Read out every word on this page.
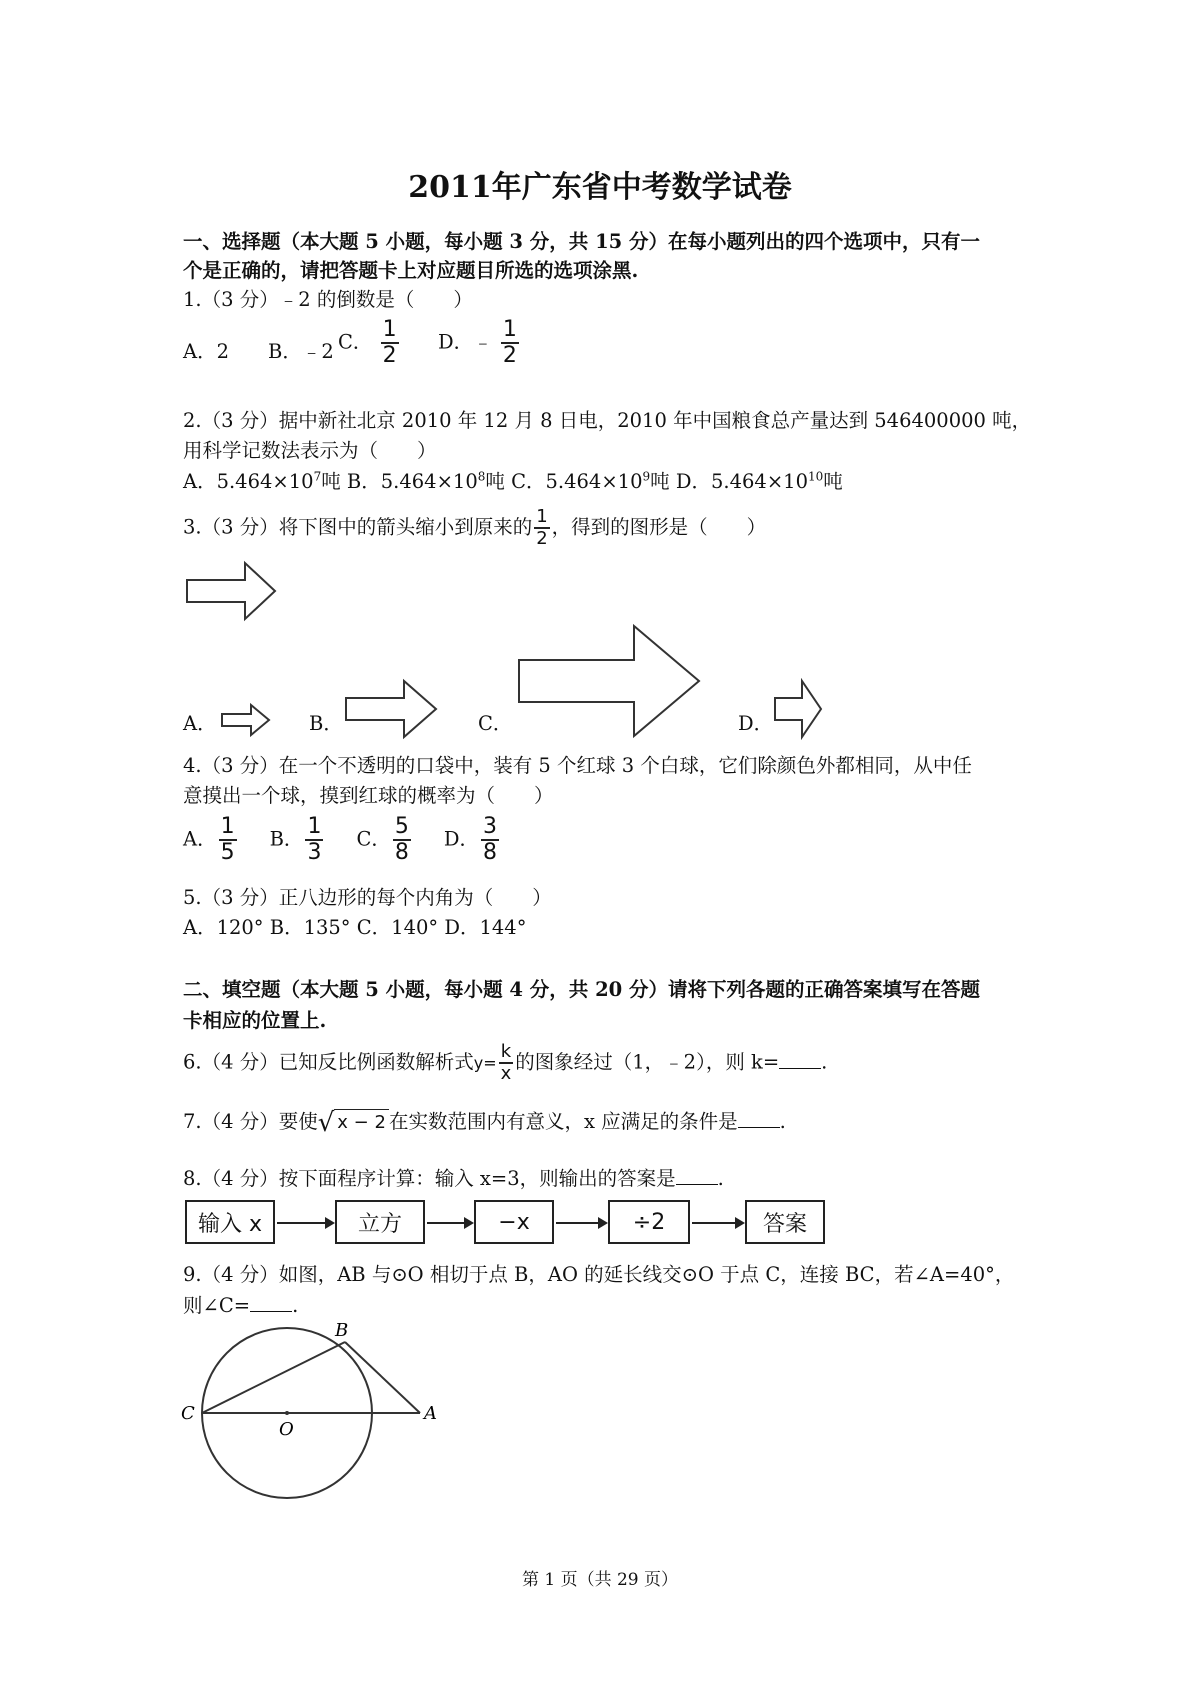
2011年广东省中考数学试卷
一、选择题（本大题 5 小题，每小题 3 分，共 15 分）在每小题列出的四个选项中，只有一
个是正确的，请把答题卡上对应题目所选的选项涂黑.
1.（3 分）﹣2 的倒数是（　　）
A．2 B．﹣2 C． $\frac{1}{2}$ D．﹣ $\frac{1}{2}$
2.（3 分）据中新社北京 2010 年 12 月 8 日电，2010 年中国粮食总产量达到 546400000 吨，
用科学记数法表示为（　　）
A．$5.464\times 10^7$吨 B．$5.464\times 10^8$吨 C．$5.464\times 10^9$吨 D．$5.464\times 10^{10}$吨
3.（3 分）将下图中的箭头缩小到原来的 $\frac{1}{2}$ ，得到的图形是（　　）
A．	B．	C．	D．
4.（3 分）在一个不透明的口袋中，装有 5 个红球 3 个白球，它们除颜色外都相同，从中任
意摸出一个球，摸到红球的概率为（　　）
A． $\frac{1}{5}$ B． $\frac{1}{3}$ C． $\frac{5}{8}$ D． $\frac{3}{8}$
5.（3 分）正八边形的每个内角为（　　）
A．120° B．135° C．140° D．144°
二、填空题（本大题 5 小题，每小题 4 分，共 20 分）请将下列各题的正确答案填写在答题
卡相应的位置上.
6.（4 分）已知反比例函数解析式$y= \frac{k}{x}$ 的图象经过（1，﹣2），则 k= .
7.（4 分）要使 √ x − 2 在实数范围内有意义，x 应满足的条件是 .
8.（4 分）按下面程序计算：输入 x=3，则输出的答案是 .
输入 x	立方	−x	÷2	答案
9.（4 分）如图，AB 与⊙O 相切于点 B，AO 的延长线交⊙O 于点 C，连接 BC，若∠A=40°，
则∠C= .
B
C
O
A
第 1 页（共 29 页）
